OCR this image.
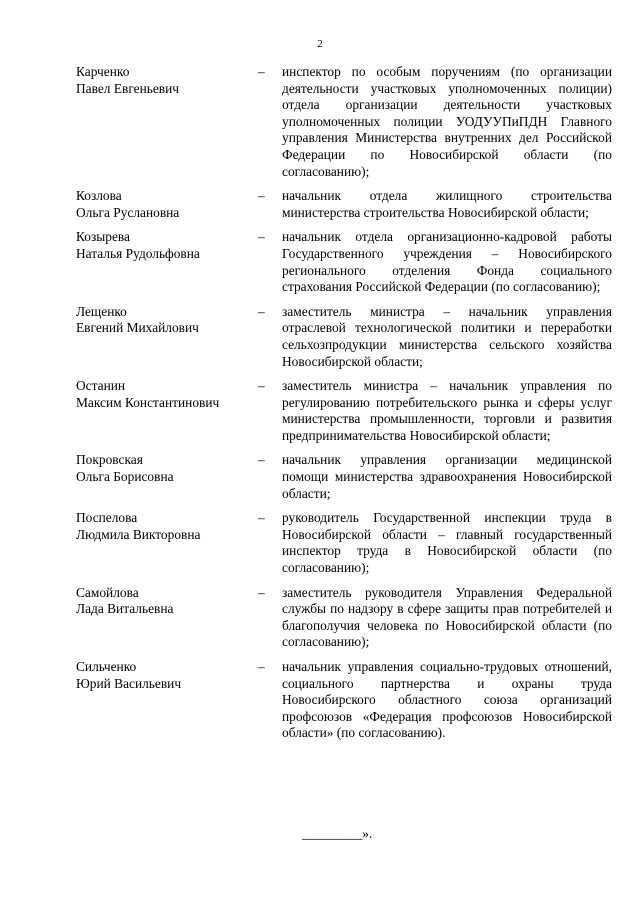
2
Карченко
Павел Евгеньевич
–	инспектор по особым поручениям (по организации деятельности участковых уполномоченных полиции) отдела организации деятельности участковых уполномоченных полиции УОДУУПиПДН Главного управления Министерства внутренних дел Российской Федерации по Новосибирской области (по согласованию);
Козлова
Ольга Руслановна
–	начальник отдела жилищного строительства министерства строительства Новосибирской области;
Козырева
Наталья Рудольфовна
–	начальник отдела организационно-кадровой работы Государственного учреждения – Новосибирского регионального отделения Фонда социального страхования Российской Федерации (по согласованию);
Лещенко
Евгений Михайлович
–	заместитель министра – начальник управления отраслевой технологической политики и переработки сельхозпродукции министерства сельского хозяйства Новосибирской области;
Останин
Максим Константинович
–	заместитель министра – начальник управления по регулированию потребительского рынка и сферы услуг министерства промышленности, торговли и развития предпринимательства Новосибирской области;
Покровская
Ольга Борисовна
–	начальник управления организации медицинской помощи министерства здравоохранения Новосибирской области;
Поспелова
Людмила Викторовна
–	руководитель Государственной инспекции труда в Новосибирской области – главный государственный инспектор труда в Новосибирской области (по согласованию);
Самойлова
Лада Витальевна
–	заместитель руководителя Управления Федеральной службы по надзору в сфере защиты прав потребителей и благополучия человека по Новосибирской области (по согласованию);
Сильченко
Юрий Васильевич
–	начальник управления социально-трудовых отношений, социального партнерства и охраны труда Новосибирского областного союза организаций профсоюзов «Федерация профсоюзов Новосибирской области» (по согласованию).
_________».
